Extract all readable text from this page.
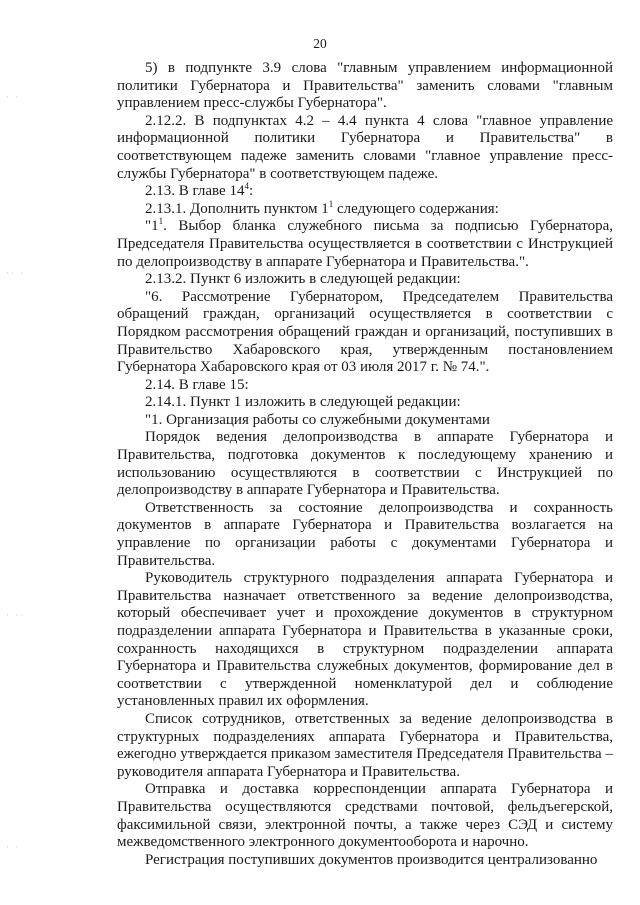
· ·
·· ·
· ··
· ·
20

5) в подпункте 3.9 слова "главным управлением информационной политики Губернатора и Правительства" заменить словами "главным управлением пресс-службы Губернатора".

2.12.2. В подпунктах 4.2 – 4.4 пункта 4 слова "главное управление информационной политики Губернатора и Правительства" в соответствующем падеже заменить словами "главное управление пресс-службы Губернатора" в соответствующем падеже.

2.13. В главе $14^4$:

2.13.1. Дополнить пунктом $1^1$ следующего содержания:

"$1^1$. Выбор бланка служебного письма за подписью Губернатора, Председателя Правительства осуществляется в соответствии с Инструкцией по делопроизводству в аппарате Губернатора и Правительства.".

2.13.2. Пункт 6 изложить в следующей редакции:

"6. Рассмотрение Губернатором, Председателем Правительства обращений граждан, организаций осуществляется в соответствии с Порядком рассмотрения обращений граждан и организаций, поступивших в Правительство Хабаровского края, утвержденным постановлением Губернатора Хабаровского края от 03 июля 2017 г. № 74.".

2.14. В главе 15:

2.14.1. Пункт 1 изложить в следующей редакции:

"1. Организация работы со служебными документами

Порядок ведения делопроизводства в аппарате Губернатора и Правительства, подготовка документов к последующему хранению и использованию осуществляются в соответствии с Инструкцией по делопроизводству в аппарате Губернатора и Правительства.

Ответственность за состояние делопроизводства и сохранность документов в аппарате Губернатора и Правительства возлагается на управление по организации работы с документами Губернатора и Правительства.

Руководитель структурного подразделения аппарата Губернатора и Правительства назначает ответственного за ведение делопроизводства, который обеспечивает учет и прохождение документов в структурном подразделении аппарата Губернатора и Правительства в указанные сроки, сохранность находящихся в структурном подразделении аппарата Губернатора и Правительства служебных документов, формирование дел в соответствии с утвержденной номенклатурой дел и соблюдение установленных правил их оформления.

Список сотрудников, ответственных за ведение делопроизводства в структурных подразделениях аппарата Губернатора и Правительства, ежегодно утверждается приказом заместителя Председателя Правительства – руководителя аппарата Губернатора и Правительства.

Отправка и доставка корреспонденции аппарата Губернатора и Правительства осуществляются средствами почтовой, фельдъегерской, факсимильной связи, электронной почты, а также через СЭД и систему межведомственного электронного документооборота и нарочно.

Регистрация поступивших документов производится централизованно
